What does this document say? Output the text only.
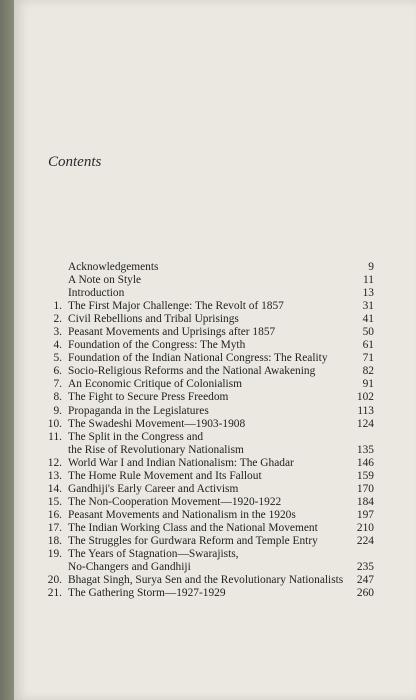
Contents
Acknowledgements	9
A Note on Style	11
Introduction	13
1. The First Major Challenge: The Revolt of 1857	31
2. Civil Rebellions and Tribal Uprisings	41
3. Peasant Movements and Uprisings after 1857	50
4. Foundation of the Congress: The Myth	61
5. Foundation of the Indian National Congress: The Reality	71
6. Socio-Religious Reforms and the National Awakening	82
7. An Economic Critique of Colonialism	91
8. The Fight to Secure Press Freedom	102
9. Propaganda in the Legislatures	113
10. The Swadeshi Movement—1903-1908	124
11. The Split in the Congress and
the Rise of Revolutionary Nationalism	135
12. World War I and Indian Nationalism: The Ghadar	146
13. The Home Rule Movement and Its Fallout	159
14. Gandhiji's Early Career and Activism	170
15. The Non-Cooperation Movement—1920-1922	184
16. Peasant Movements and Nationalism in the 1920s	197
17. The Indian Working Class and the National Movement	210
18. The Struggles for Gurdwara Reform and Temple Entry	224
19. The Years of Stagnation—Swarajists,
No-Changers and Gandhiji	235
20. Bhagat Singh, Surya Sen and the Revolutionary Nationalists	247
21. The Gathering Storm—1927-1929	260
